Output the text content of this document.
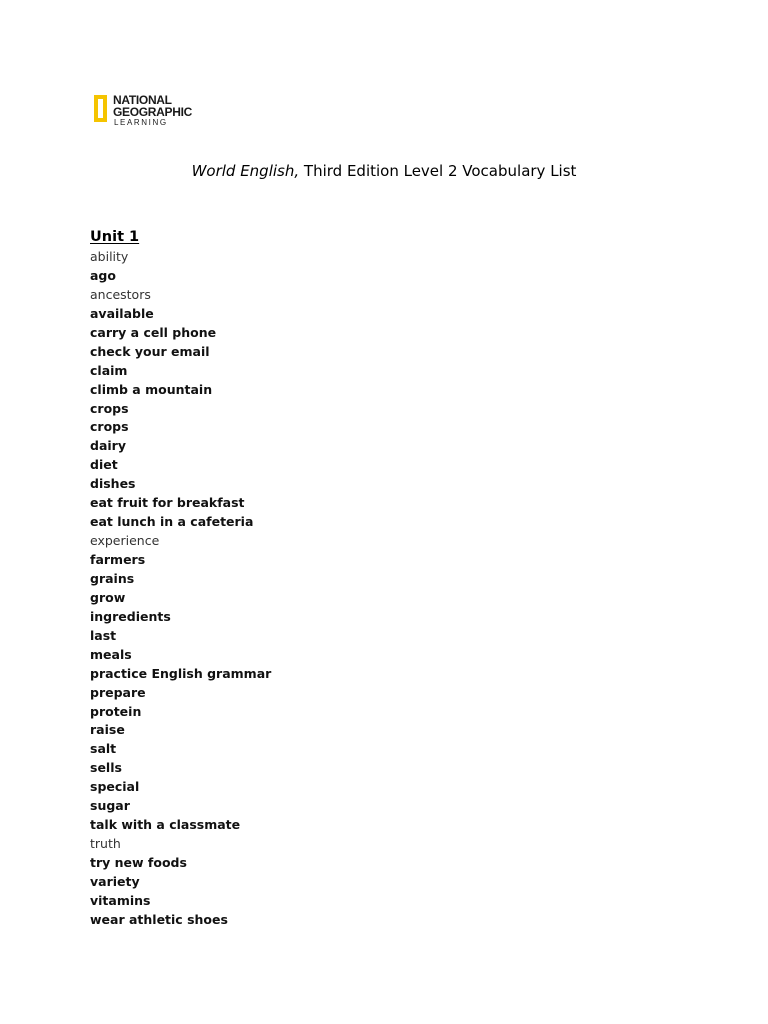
NATIONAL
GEOGRAPHIC
LEARNING
World English, Third Edition Level 2 Vocabulary List
Unit 1
ability
ago
ancestors
available
carry a cell phone
check your email
claim
climb a mountain
crops
crops
dairy
diet
dishes
eat fruit for breakfast
eat lunch in a cafeteria
experience
farmers
grains
grow
ingredients
last
meals
practice English grammar
prepare
protein
raise
salt
sells
special
sugar
talk with a classmate
truth
try new foods
variety
vitamins
wear athletic shoes
